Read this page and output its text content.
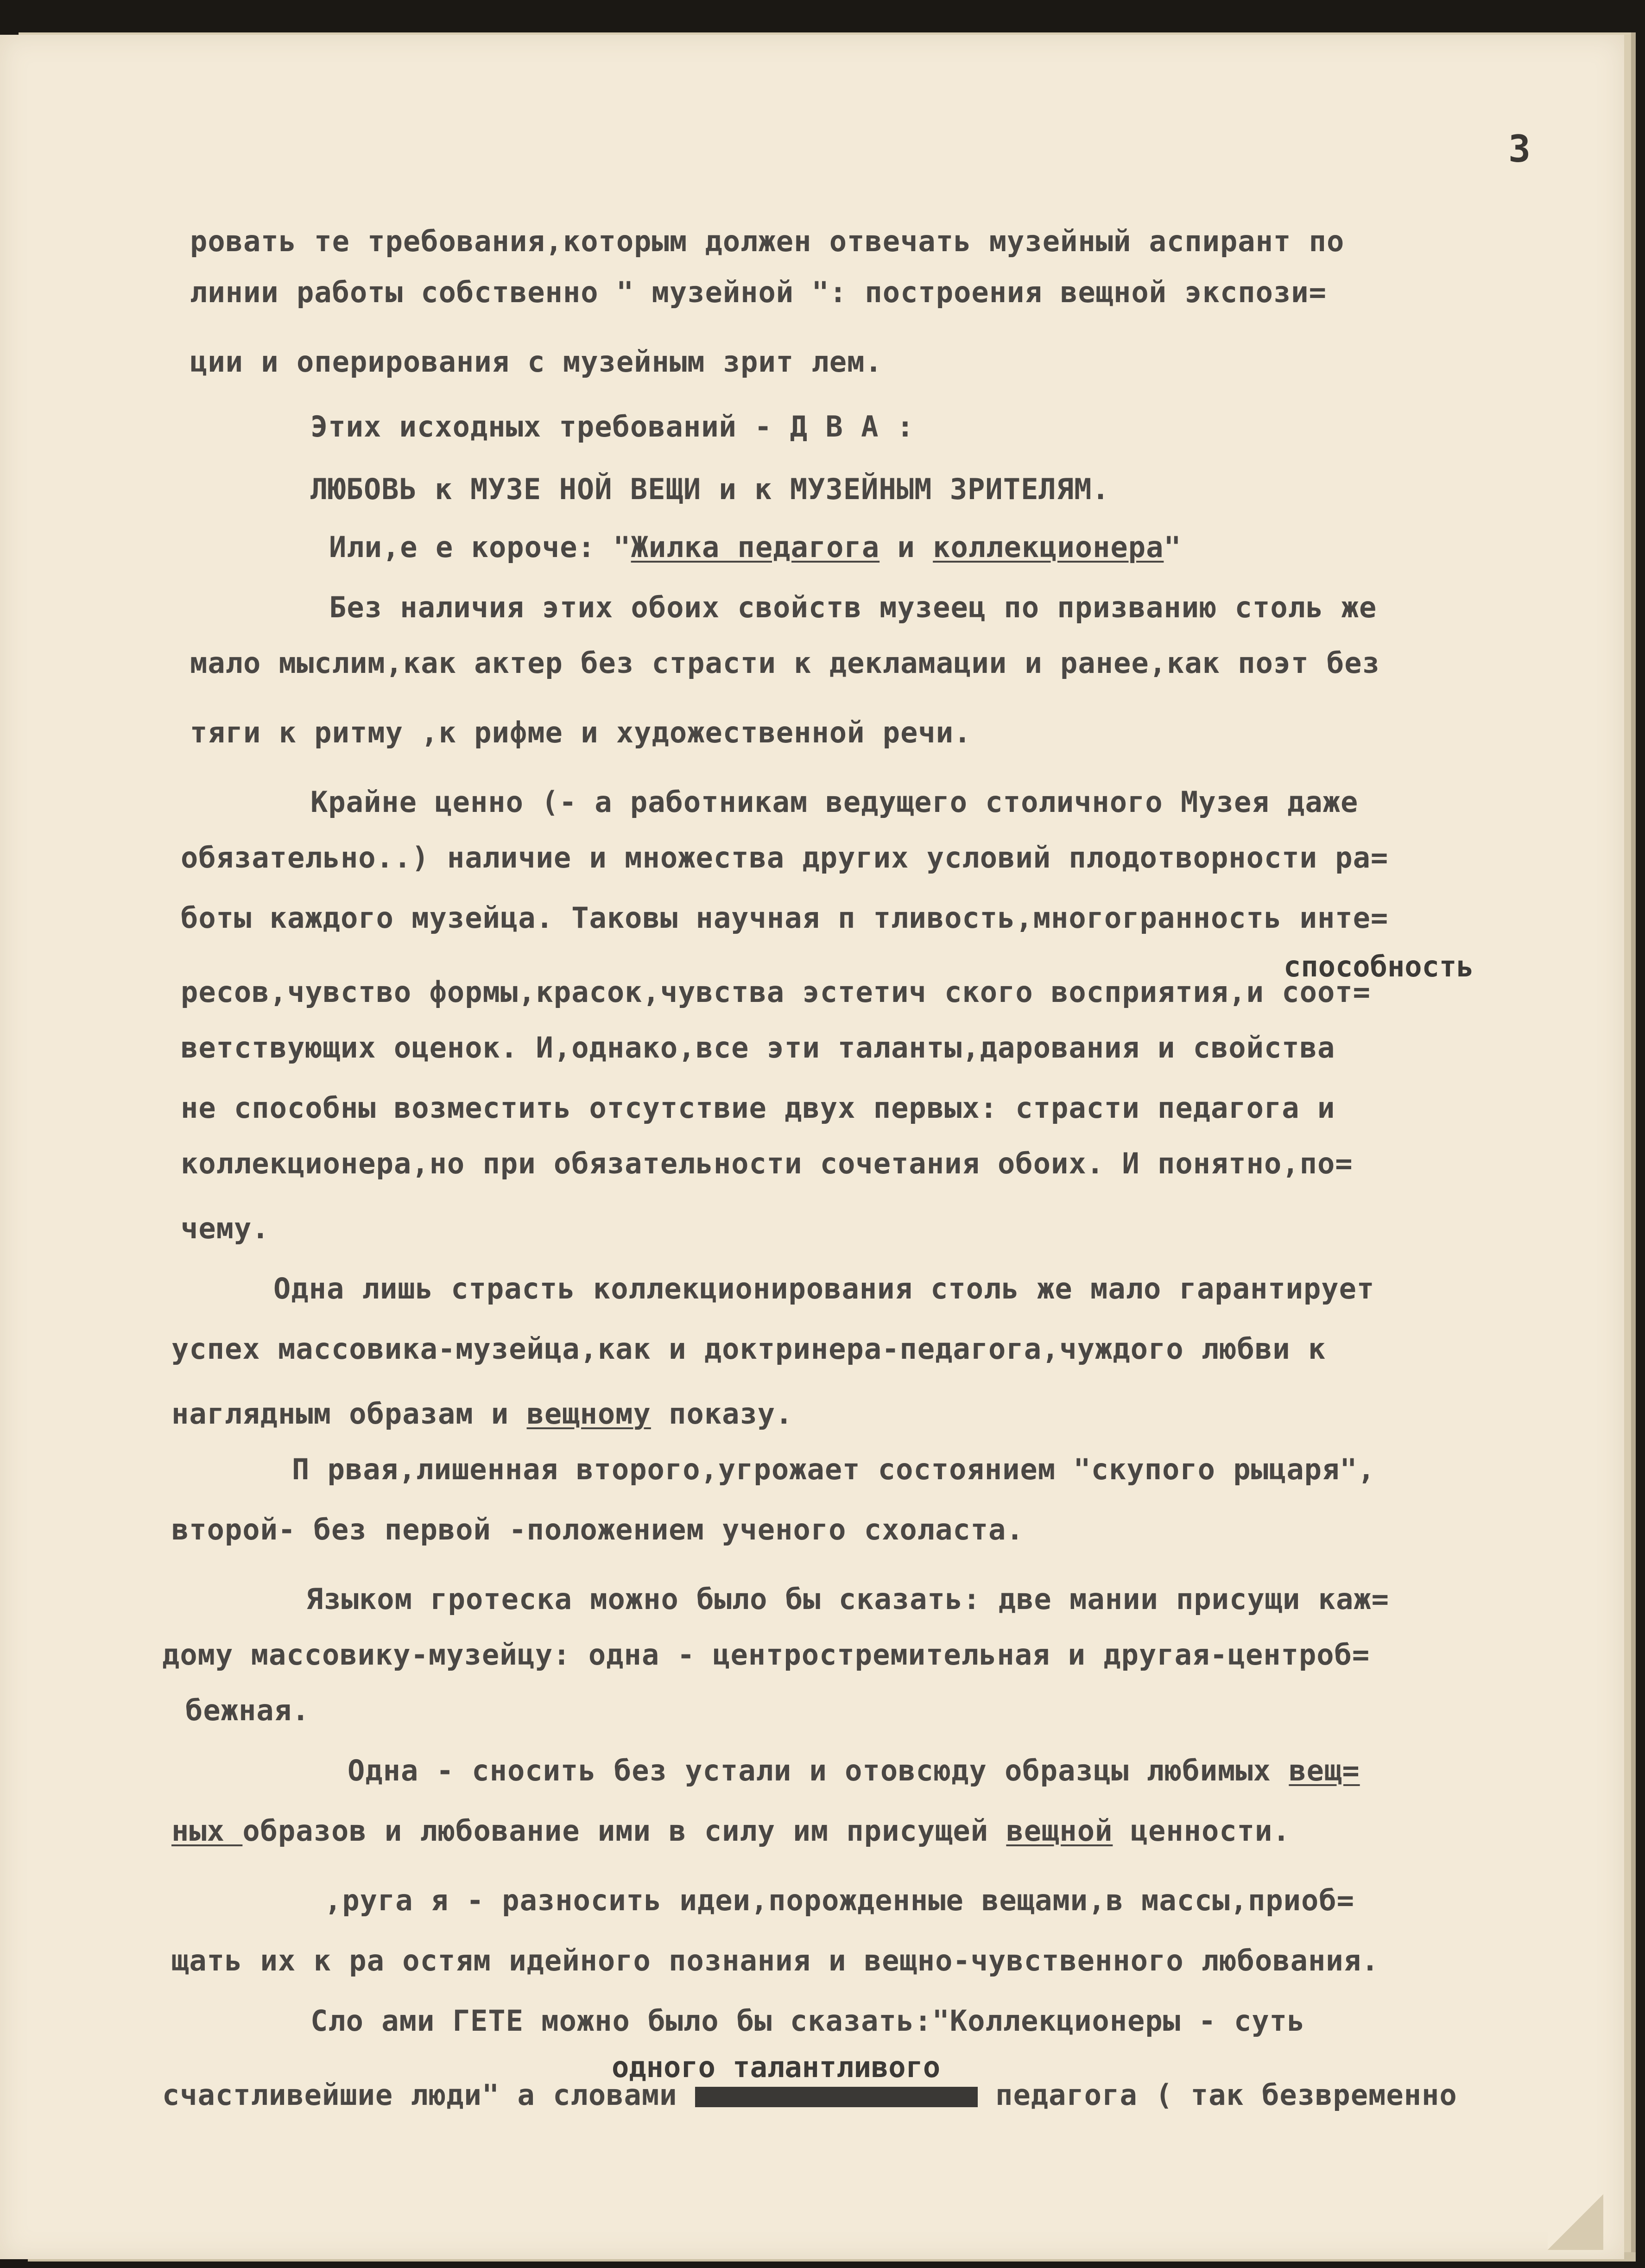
3
ровать те требования,которым должен отвечать музейный аспирант по
линии работы собственно " музейной ": построения вещной экспози=
ции и оперирования с музейным зрит лем.
Этих исходных требований - Д В А :
ЛЮБОВЬ к МУЗЕ НОЙ ВЕЩИ и к МУЗЕЙНЫМ ЗРИТЕЛЯМ.
Или,е е короче: "Жилка педагога и коллекционера"
Без наличия этих обоих свойств музеец по призванию столь же
мало мыслим,как актер без страсти к декламации и ранее,как поэт без
тяги к ритму ,к рифме и художественной речи.
Крайне ценно (- а работникам ведущего столичного Музея даже
обязательно..) наличие и множества других условий плодотворности ра=
боты каждого музейца. Таковы научная п тливость,многогранность инте=
способность
ресов,чувство формы,красок,чувства эстетич ского восприятия,и соот=
ветствующих оценок. И,однако,все эти таланты,дарования и свойства
не способны возместить отсутствие двух первых: страсти педагога и
коллекционера,но при обязательности сочетания обоих. И понятно,по=
чему.
Одна лишь страсть коллекционирования столь же мало гарантирует
успех массовика-музейца,как и доктринера-педагога,чуждого любви к
наглядным образам и вещному показу.
П рвая,лишенная второго,угрожает состоянием "скупого рыцаря",
второй- без первой -положением ученого схоласта.
Языком гротеска можно было бы сказать: две мании присущи каж=
дому массовику-музейцу: одна - центростремительная и другая-центроб=
бежная.
Одна - сносить без устали и отовсюду образцы любимых вещ=
ных образов и любование ими в силу им присущей вещной ценности.
,руга я - разносить идеи,порожденные вещами,в массы,приоб=
щать их к ра остям идейного познания и вещно-чувственного любования.
Сло ами ГЕТЕ можно было бы сказать:"Коллекционеры - суть
одного талантливого
счастливейшие люди" а словами	педагога ( так безвременно
